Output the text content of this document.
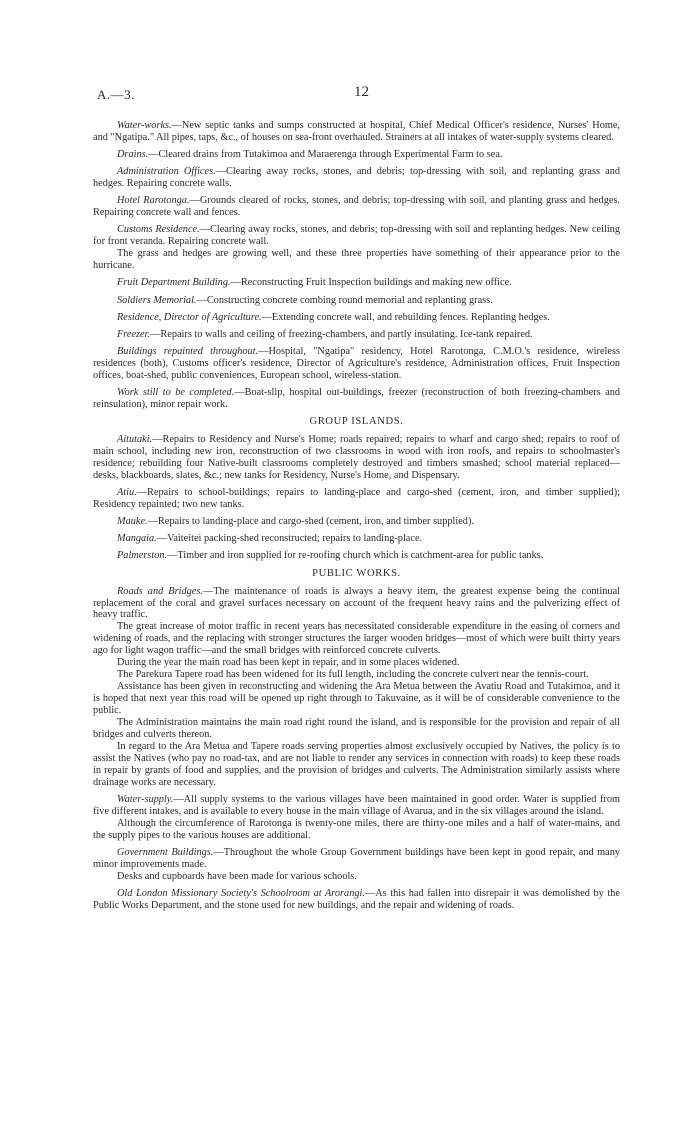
A.—3.	12

Water-works.—New septic tanks and sumps constructed at hospital, Chief Medical Officer's residence, Nurses' Home, and "Ngatipa." All pipes, taps, &c., of houses on sea-front overhauled. Strainers at all intakes of water-supply systems cleared.

Drains.—Cleared drains from Tutakimoa and Maraerenga through Experimental Farm to sea.

Administration Offices.—Clearing away rocks, stones, and debris; top-dressing with soil, and replanting grass and hedges. Repairing concrete walls.

Hotel Rarotonga.—Grounds cleared of rocks, stones, and debris; top-dressing with soil, and planting grass and hedges. Repairing concrete wall and fences.

Customs Residence.—Clearing away rocks, stones, and debris; top-dressing with soil and replanting hedges. New ceiling for front veranda. Repairing concrete wall.

The grass and hedges are growing well, and these three properties have something of their appearance prior to the hurricane.

Fruit Department Building.—Reconstructing Fruit Inspection buildings and making new office.

Soldiers Memorial.—Constructing concrete combing round memorial and replanting grass.

Residence, Director of Agriculture.—Extending concrete wall, and rebuilding fences. Replanting hedges.

Freezer.—Repairs to walls and ceiling of freezing-chambers, and partly insulating. Ice-tank repaired.

Buildings repainted throughout.—Hospital, "Ngatipa" residency, Hotel Rarotonga, C.M.O.'s residence, wireless residences (both), Customs officer's residence, Director of Agriculture's residence, Administration offices, Fruit Inspection offices, boat-shed, public conveniences, European school, wireless-station.

Work still to be completed.—Boat-slip, hospital out-buildings, freezer (reconstruction of both freezing-chambers and reinsulation), minor repair work.

GROUP ISLANDS.

Aitutaki.—Repairs to Residency and Nurse's Home; roads repaired; repairs to wharf and cargo shed; repairs to roof of main school, including new iron, reconstruction of two classrooms in wood with iron roofs, and repairs to schoolmaster's residence; rebuilding four Native-built classrooms completely destroyed and timbers smashed; school material replaced—desks, blackboards, slates, &c.; new tanks for Residency, Nurse's Home, and Dispensary.

Atiu.—Repairs to school-buildings; repairs to landing-place and cargo-shed (cement, iron, and timber supplied); Residency repainted; two new tanks.

Mauke.—Repairs to landing-place and cargo-shed (cement, iron, and timber supplied).

Mangaia.—Vaiteitei packing-shed reconstructed; repairs to landing-place.

Palmerston.—Timber and iron supplied for re-roofing church which is catchment-area for public tanks.

PUBLIC WORKS.

Roads and Bridges.—The maintenance of roads is always a heavy item, the greatest expense being the continual replacement of the coral and gravel surfaces necessary on account of the frequent heavy rains and the pulverizing effect of heavy traffic.

The great increase of motor traffic in recent years has necessitated considerable expenditure in the easing of corners and widening of roads, and the replacing with stronger structures the larger wooden bridges—most of which were built thirty years ago for light wagon traffic—and the small bridges with reinforced concrete culverts.

During the year the main road has been kept in repair, and in some places widened.

The Parekura Tapere road has been widened for its full length, including the concrete culvert near the tennis-court.

Assistance has been given in reconstructing and widening the Ara Metua between the Avatiu Road and Tutakimoa, and it is hoped that next year this road will be opened up right through to Takuvaine, as it will be of considerable convenience to the public.

The Administration maintains the main road right round the island, and is responsible for the provision and repair of all bridges and culverts thereon.

In regard to the Ara Metua and Tapere roads serving properties almost exclusively occupied by Natives, the policy is to assist the Natives (who pay no road-tax, and are not liable to render any services in connection with roads) to keep these roads in repair by grants of food and supplies, and the provision of bridges and culverts. The Administration similarly assists where drainage works are necessary.

Water-supply.—All supply systems to the various villages have been maintained in good order. Water is supplied from five different intakes, and is available to every house in the main village of Avarua, and in the six villages around the island.

Although the circumference of Rarotonga is twenty-one miles, there are thirty-one miles and a half of water-mains, and the supply pipes to the various houses are additional.

Government Buildings.—Throughout the whole Group Government buildings have been kept in good repair, and many minor improvements made.

Desks and cupboards have been made for various schools.

Old London Missionary Society's Schoolroom at Arorangi.—As this had fallen into disrepair it was demolished by the Public Works Department, and the stone used for new buildings, and the repair and widening of roads.
